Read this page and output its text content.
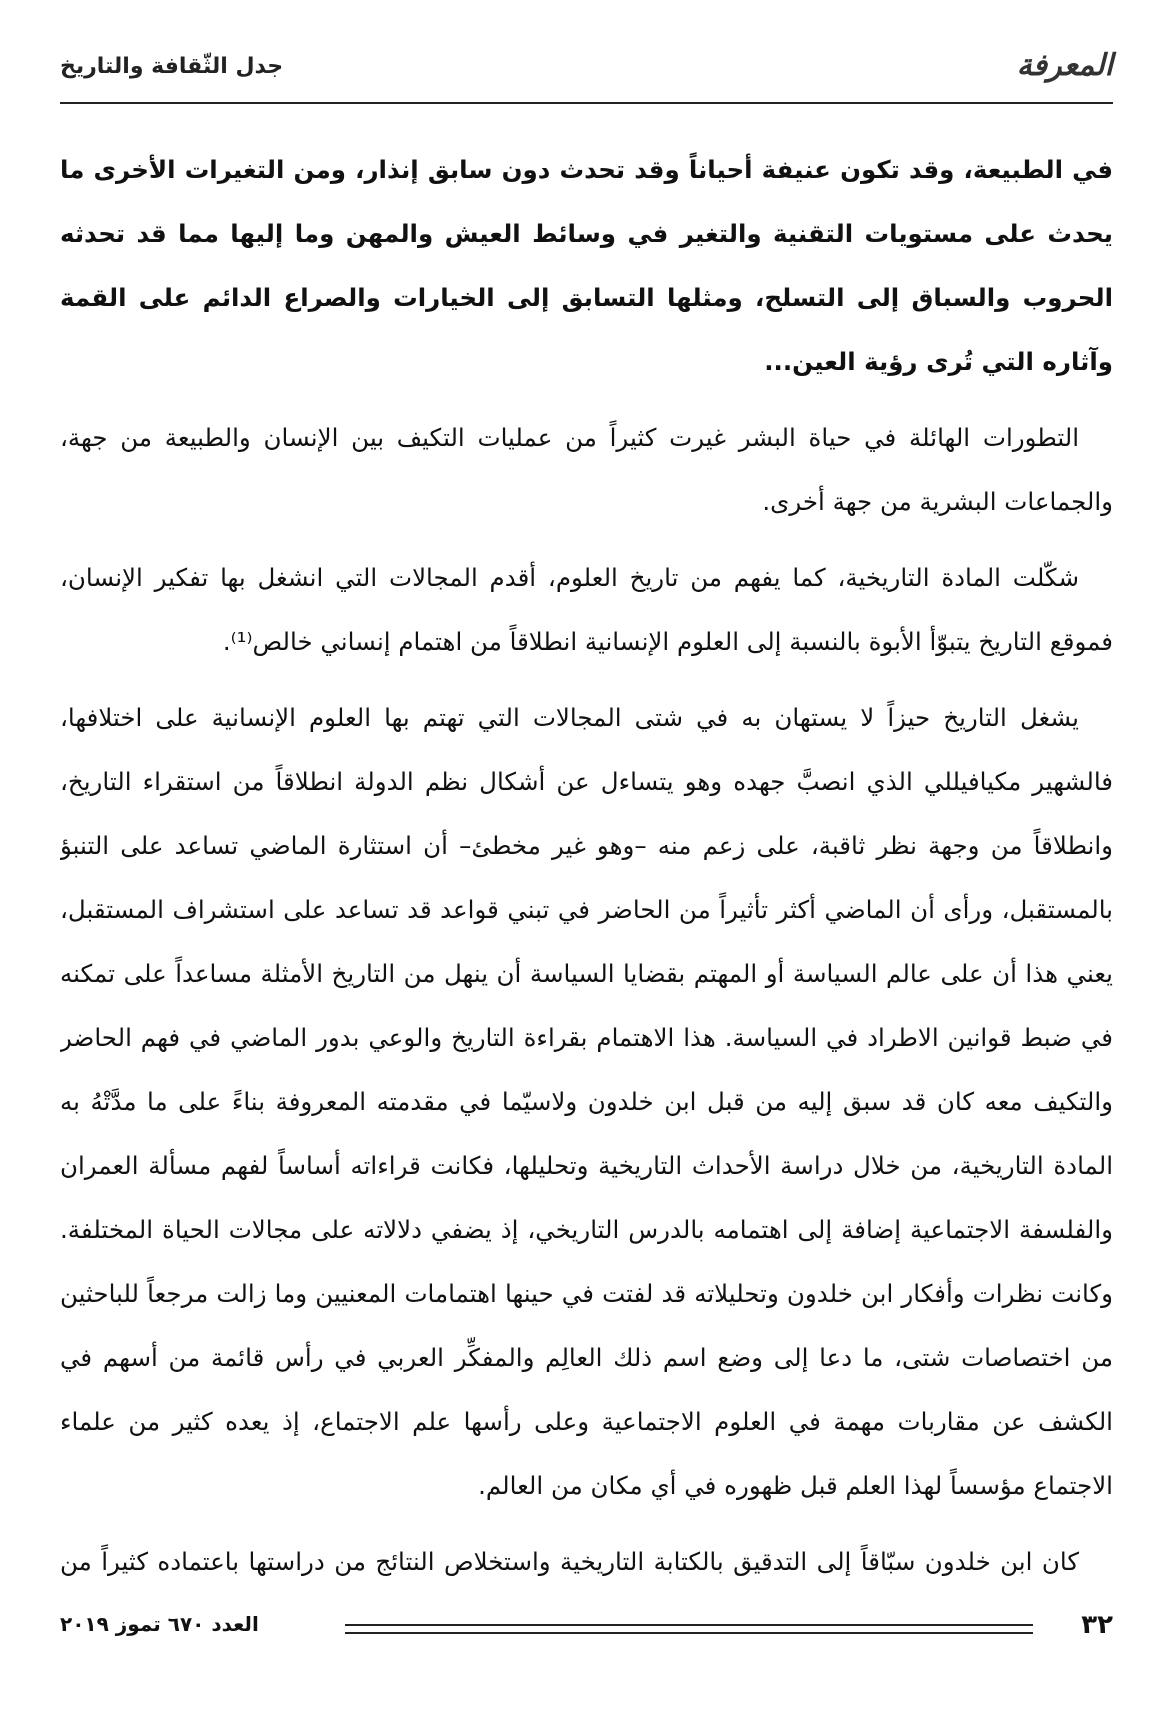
المعرفة
جدل الثّقافة والتاريخ

في الطبيعة، وقد تكون عنيفة أحياناً وقد تحدث دون سابق إنذار، ومن التغيرات الأخرى ما يحدث على مستويات التقنية والتغير في وسائط العيش والمهن وما إليها مما قد تحدثه الحروب والسباق إلى التسلح، ومثلها التسابق إلى الخيارات والصراع الدائم على القمة وآثاره التي تُرى رؤية العين...

التطورات الهائلة في حياة البشر غيرت كثيراً من عمليات التكيف بين الإنسان والطبيعة من جهة، والجماعات البشرية من جهة أخرى.

شكّلت المادة التاريخية، كما يفهم من تاريخ العلوم، أقدم المجالات التي انشغل بها تفكير الإنسان، فموقع التاريخ يتبوّأ الأبوة بالنسبة إلى العلوم الإنسانية انطلاقاً من اهتمام إنساني خالص⁽¹⁾.

يشغل التاريخ حيزاً لا يستهان به في شتى المجالات التي تهتم بها العلوم الإنسانية على اختلافها، فالشهير مكيافيللي الذي انصبَّ جهده وهو يتساءل عن أشكال نظم الدولة انطلاقاً من استقراء التاريخ، وانطلاقاً من وجهة نظر ثاقبة، على زعم منه –وهو غير مخطئ– أن استثارة الماضي تساعد على التنبؤ بالمستقبل، ورأى أن الماضي أكثر تأثيراً من الحاضر في تبني قواعد قد تساعد على استشراف المستقبل، يعني هذا أن على عالم السياسة أو المهتم بقضايا السياسة أن ينهل من التاريخ الأمثلة مساعداً على تمكنه في ضبط قوانين الاطراد في السياسة. هذا الاهتمام بقراءة التاريخ والوعي بدور الماضي في فهم الحاضر والتكيف معه كان قد سبق إليه من قبل ابن خلدون ولاسيّما في مقدمته المعروفة بناءً على ما مدَّتْهُ به المادة التاريخية، من خلال دراسة الأحداث التاريخية وتحليلها، فكانت قراءاته أساساً لفهم مسألة العمران والفلسفة الاجتماعية إضافة إلى اهتمامه بالدرس التاريخي، إذ يضفي دلالاته على مجالات الحياة المختلفة. وكانت نظرات وأفكار ابن خلدون وتحليلاته قد لفتت في حينها اهتمامات المعنيين وما زالت مرجعاً للباحثين من اختصاصات شتى، ما دعا إلى وضع اسم ذلك العالِم والمفكِّر العربي في رأس قائمة من أسهم في الكشف عن مقاربات مهمة في العلوم الاجتماعية وعلى رأسها علم الاجتماع، إذ يعده كثير من علماء الاجتماع مؤسساً لهذا العلم قبل ظهوره في أي مكان من العالم.

كان ابن خلدون سبّاقاً إلى التدقيق بالكتابة التاريخية واستخلاص النتائج من دراستها باعتماده كثيراً من

٣٢
العدد ٦٧٠ تموز ٢٠١٩
